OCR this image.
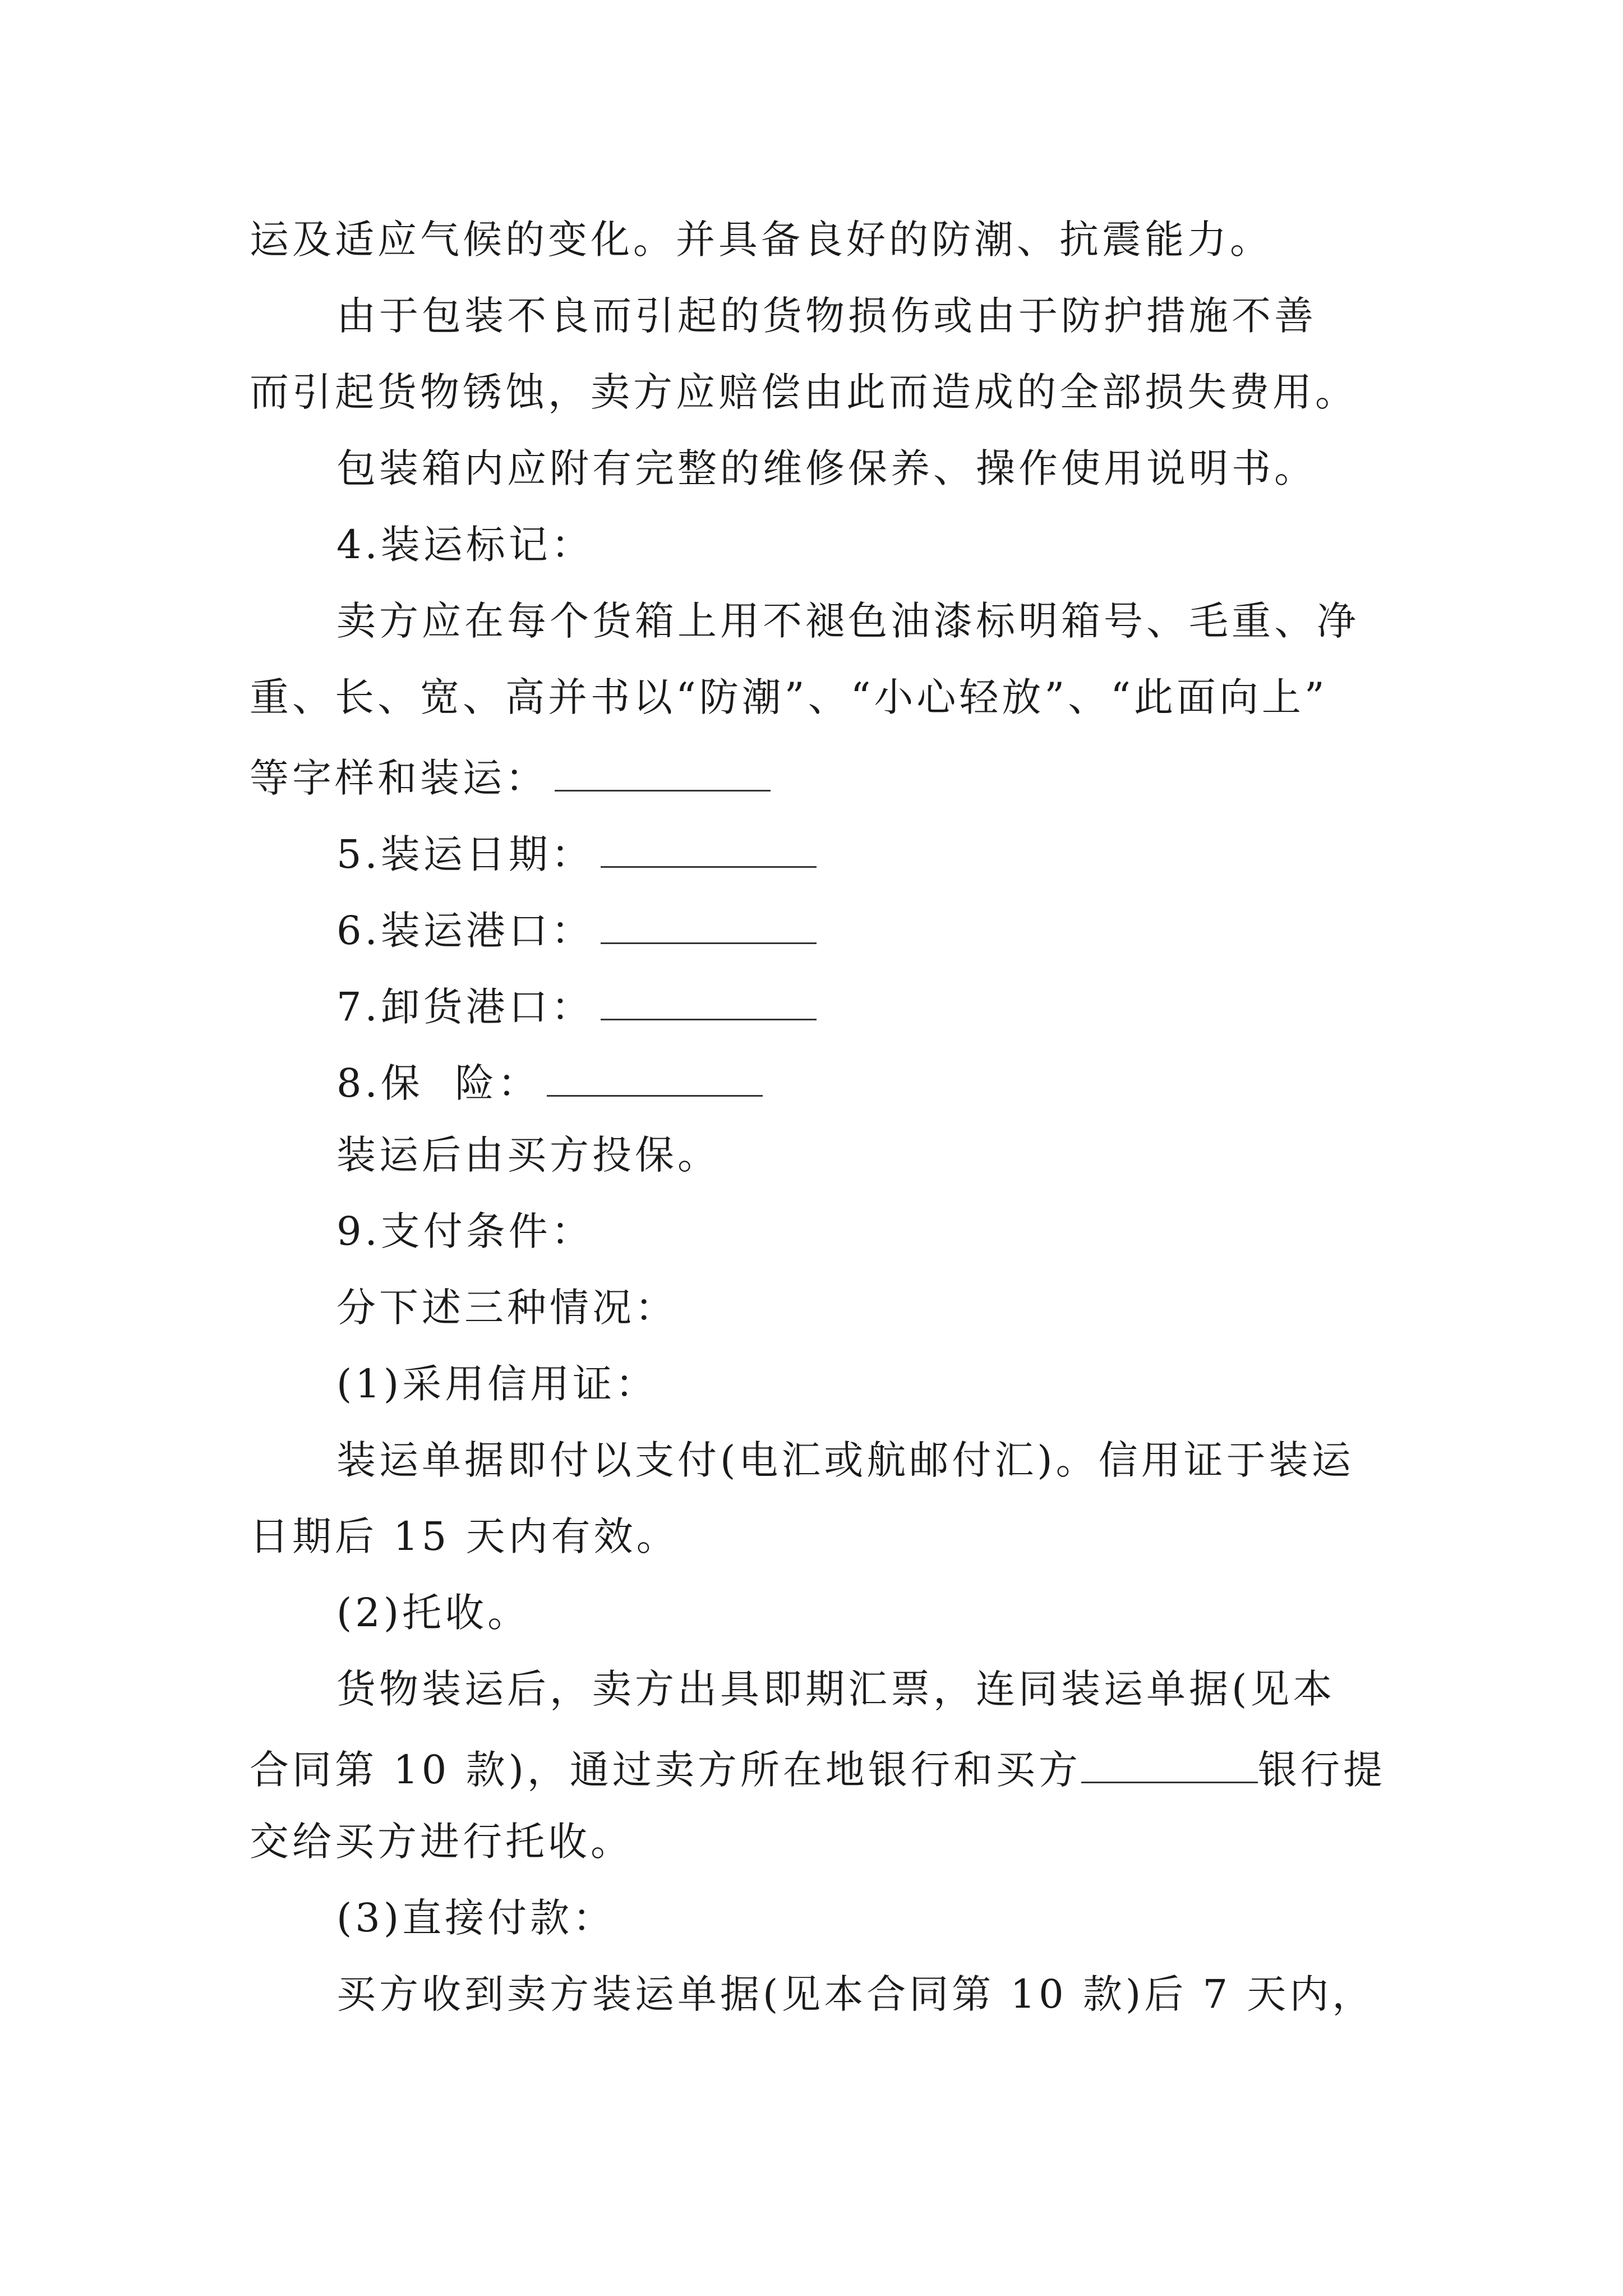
运及适应气候的变化。并具备良好的防潮、抗震能力。
由于包装不良而引起的货物损伤或由于防护措施不善
而引起货物锈蚀，卖方应赔偿由此而造成的全部损失费用。
包装箱内应附有完整的维修保养、操作使用说明书。
4.装运标记：
卖方应在每个货箱上用不褪色油漆标明箱号、毛重、净
重、长、宽、高并书以“防潮”、“小心轻放”、“此面向上”
等字样和装运：
5.装运日期：
6.装运港口：
7.卸货港口：
8.保  险：
装运后由买方投保。
9.支付条件：
分下述三种情况：
(1)采用信用证：
装运单据即付以支付(电汇或航邮付汇)。信用证于装运
日期后 15 天内有效。
(2)托收。
货物装运后，卖方出具即期汇票，连同装运单据(见本
合同第 10 款)，通过卖方所在地银行和买方	银行提
交给买方进行托收。
(3)直接付款：
买方收到卖方装运单据(见本合同第 10 款)后 7 天内，
